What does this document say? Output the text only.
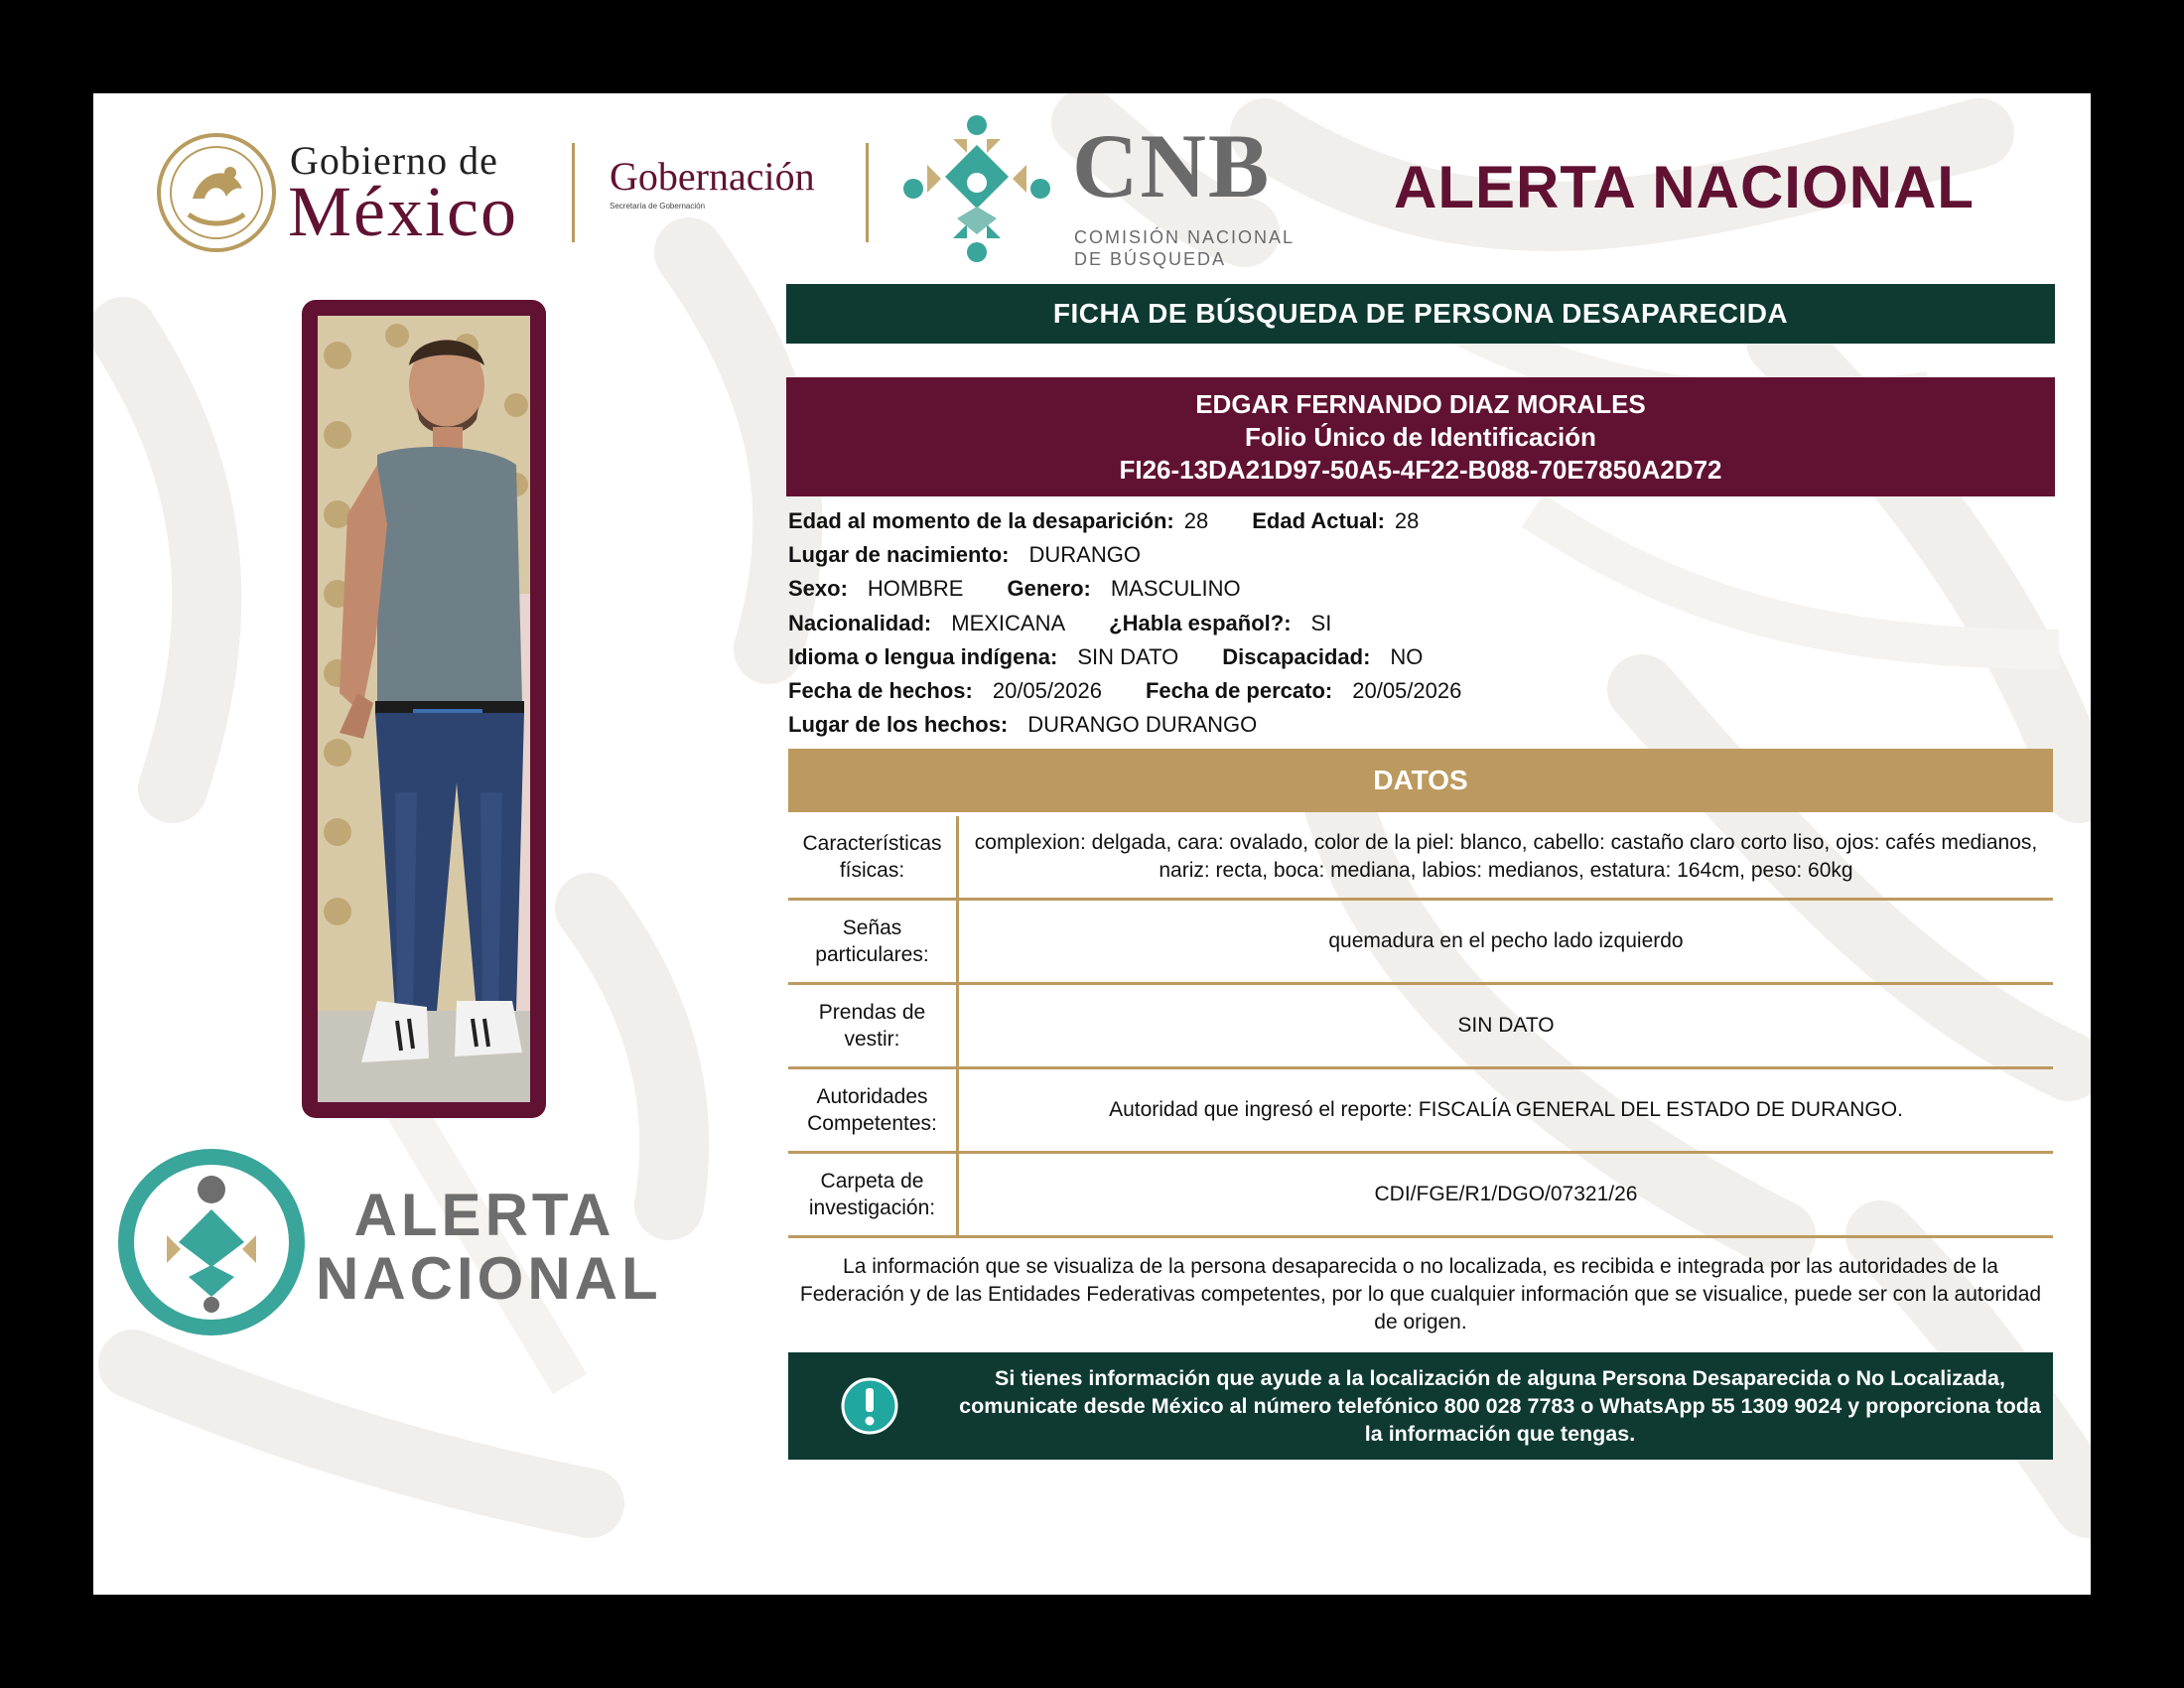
Gobierno de
México Gobernación
Secretaría de Gobernación	CNB
COMISIÓN NACIONAL
DE BÚSQUEDA
ALERTA NACIONAL
ALERTA
NACIONAL
FICHA DE BÚSQUEDA DE PERSONA DESAPARECIDA
EDGAR FERNANDO DIAZ MORALES
Folio Único de Identificación
FI26-13DA21D97-50A5-4F22-B088-70E7850A2D72
Edad al momento de la desaparición: 28 Edad Actual: 28
Lugar de nacimiento: DURANGO
Sexo: HOMBRE Genero: MASCULINO
Nacionalidad: MEXICANA ¿Habla español?: SI
Idioma o lengua indígena: SIN DATO Discapacidad: NO
Fecha de hechos: 20/05/2026 Fecha de percato: 20/05/2026
Lugar de los hechos: DURANGO DURANGO
DATOS
Características físicas:
complexion: delgada, cara: ovalado, color de la piel: blanco, cabello: castaño claro corto liso, ojos: cafés medianos, nariz: recta, boca: mediana, labios: medianos, estatura: 164cm, peso: 60kg
Señas particulares:
quemadura en el pecho lado izquierdo
Prendas de vestir:
SIN DATO
Autoridades Competentes:
Autoridad que ingresó el reporte: FISCALÍA GENERAL DEL ESTADO DE DURANGO.
Carpeta de investigación:
CDI/FGE/R1/DGO/07321/26
La información que se visualiza de la persona desaparecida o no localizada, es recibida e integrada por las autoridades de la Federación y de las Entidades Federativas competentes, por lo que cualquier información que se visualice, puede ser con la autoridad de origen.
Si tienes información que ayude a la localización de alguna Persona Desaparecida o No Localizada, comunicate desde México al número telefónico 800 028 7783 o WhatsApp 55 1309 9024 y proporciona toda la información que tengas.
